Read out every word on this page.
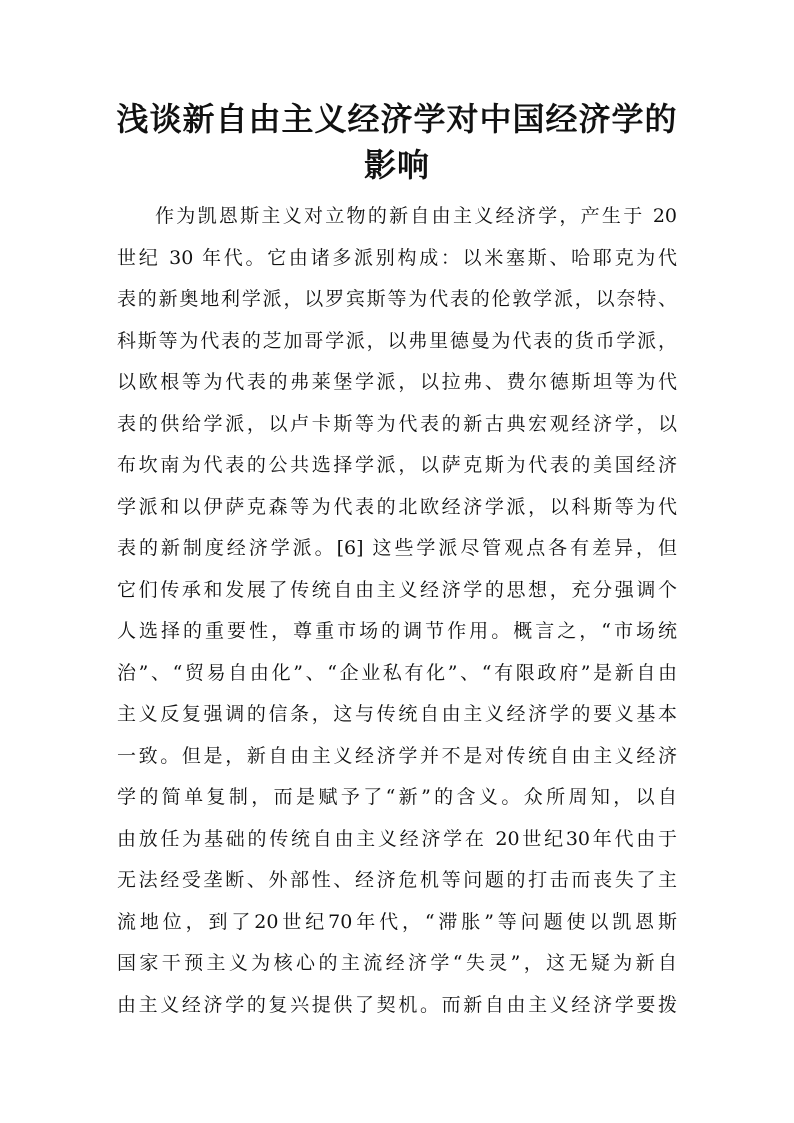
浅谈新自由主义经济学对中国经济学的
影响
作为凯恩斯主义对立物的新自由主义经济学，产生于 20
世纪 30 年代。它由诸多派别构成：以米塞斯、哈耶克为代
表的新奥地利学派，以罗宾斯等为代表的伦敦学派，以奈特、
科斯等为代表的芝加哥学派，以弗里德曼为代表的货币学派，
以欧根等为代表的弗莱堡学派，以拉弗、费尔德斯坦等为代
表的供给学派，以卢卡斯等为代表的新古典宏观经济学，以
布坎南为代表的公共选择学派，以萨克斯为代表的美国经济
学派和以伊萨克森等为代表的北欧经济学派，以科斯等为代
表的新制度经济学派。[6] 这些学派尽管观点各有差异，但
它们传承和发展了传统自由主义经济学的思想，充分强调个
人选择的重要性，尊重市场的调节作用。概言之，“市场统
治”、“贸易自由化”、“企业私有化”、“有限政府”是新自由
主义反复强调的信条，这与传统自由主义经济学的要义基本
一致。但是，新自由主义经济学并不是对传统自由主义经济
学的简单复制，而是赋予了“新”的含义。众所周知，以自
由放任为基础的传统自由主义经济学在 20世纪30年代由于
无法经受垄断、外部性、经济危机等问题的打击而丧失了主
流地位，到了20世纪70年代，“滞胀”等问题使以凯恩斯
国家干预主义为核心的主流经济学“失灵”，这无疑为新自
由主义经济学的复兴提供了契机。而新自由主义经济学要拨
